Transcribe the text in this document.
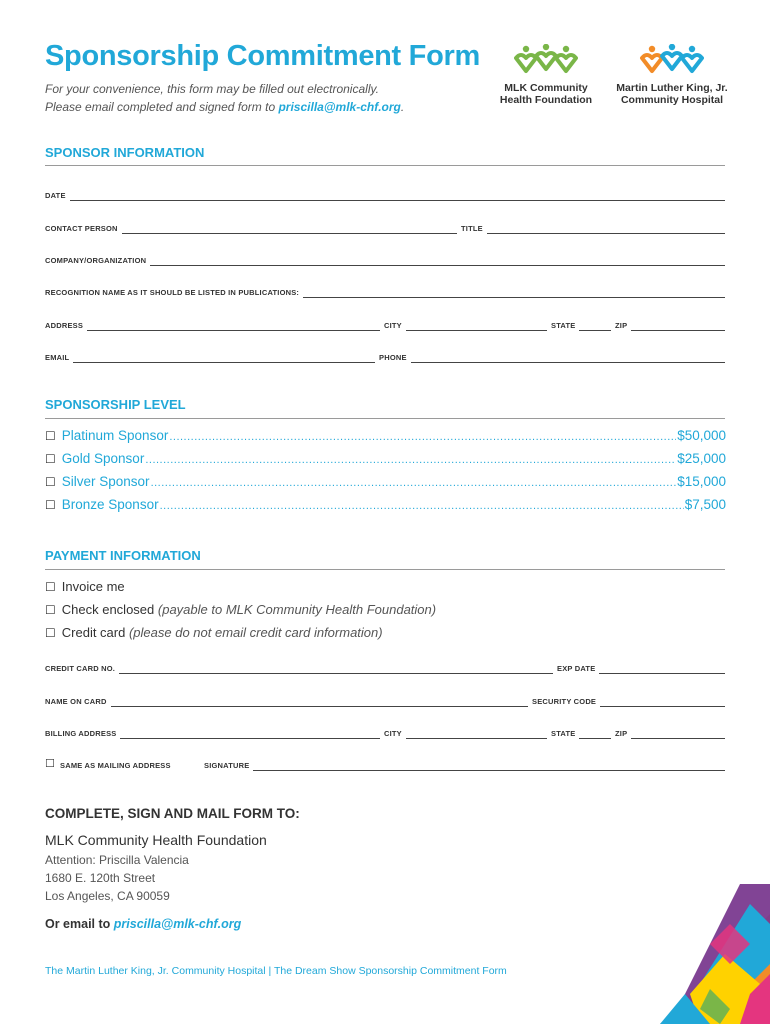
Sponsorship Commitment Form
For your convenience, this form may be filled out electronically.
Please email completed and signed form to priscilla@mlk-chf.org.
MLK Community
Health Foundation
Martin Luther King, Jr.
Community Hospital
SPONSOR INFORMATION
DATE
CONTACT PERSON	TITLE
COMPANY/ORGANIZATION
RECOGNITION NAME AS IT SHOULD BE LISTED IN PUBLICATIONS:
ADDRESS	CITY	STATE	ZIP
EMAIL	PHONE
SPONSORSHIP LEVEL
☐ Platinum Sponsor .....	$50,000
☐ Gold Sponsor .....	$25,000
☐ Silver Sponsor .....	$15,000
☐ Bronze Sponsor .....	$7,500
PAYMENT INFORMATION
☐ Invoice me
☐ Check enclosed (payable to MLK Community Health Foundation)
☐ Credit card (please do not email credit card information)
CREDIT CARD NO.	EXP DATE
NAME ON CARD	SECURITY CODE
BILLING ADDRESS	CITY	STATE	ZIP
☐ SAME AS MAILING ADDRESS	SIGNATURE
COMPLETE, SIGN AND MAIL FORM TO:
MLK Community Health Foundation
Attention: Priscilla Valencia
1680 E. 120th Street
Los Angeles, CA 90059
Or email to priscilla@mlk-chf.org
The Martin Luther King, Jr. Community Hospital | The Dream Show Sponsorship Commitment Form
